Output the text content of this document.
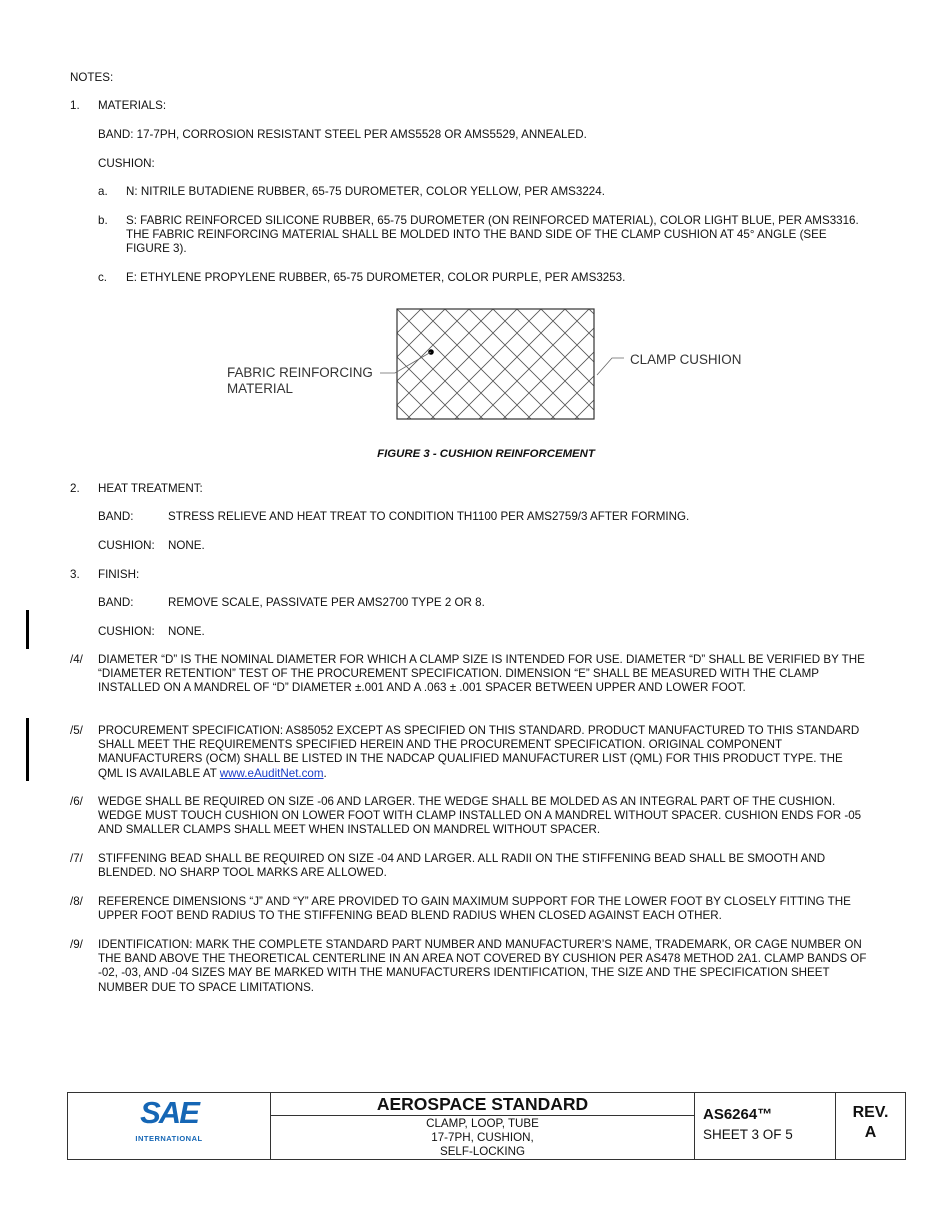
NOTES:
1. MATERIALS:
BAND: 17-7PH, CORROSION RESISTANT STEEL PER AMS5528 OR AMS5529, ANNEALED.
CUSHION:
a. N: NITRILE BUTADIENE RUBBER, 65-75 DUROMETER, COLOR YELLOW, PER AMS3224.
b. S: FABRIC REINFORCED SILICONE RUBBER, 65-75 DUROMETER (ON REINFORCED MATERIAL), COLOR LIGHT BLUE, PER AMS3316. THE FABRIC REINFORCING MATERIAL SHALL BE MOLDED INTO THE BAND SIDE OF THE CLAMP CUSHION AT 45° ANGLE (SEE FIGURE 3).
c. E: ETHYLENE PROPYLENE RUBBER, 65-75 DUROMETER, COLOR PURPLE, PER AMS3253.
FABRIC REINFORCING
MATERIAL
CLAMP CUSHION
FIGURE 3 - CUSHION REINFORCEMENT
2. HEAT TREATMENT:
BAND:	STRESS RELIEVE AND HEAT TREAT TO CONDITION TH1100 PER AMS2759/3 AFTER FORMING.
CUSHION: NONE.
3. FINISH:
BAND:	REMOVE SCALE, PASSIVATE PER AMS2700 TYPE 2 OR 8.
CUSHION: NONE.
/4/ DIAMETER “D” IS THE NOMINAL DIAMETER FOR WHICH A CLAMP SIZE IS INTENDED FOR USE. DIAMETER “D” SHALL BE VERIFIED BY THE “DIAMETER RETENTION” TEST OF THE PROCUREMENT SPECIFICATION. DIMENSION “E” SHALL BE MEASURED WITH THE CLAMP INSTALLED ON A MANDREL OF “D” DIAMETER ±.001 AND A .063 ± .001 SPACER BETWEEN UPPER AND LOWER FOOT.
/5/ PROCUREMENT SPECIFICATION: AS85052 EXCEPT AS SPECIFIED ON THIS STANDARD. PRODUCT MANUFACTURED TO THIS STANDARD SHALL MEET THE REQUIREMENTS SPECIFIED HEREIN AND THE PROCUREMENT SPECIFICATION. ORIGINAL COMPONENT MANUFACTURERS (OCM) SHALL BE LISTED IN THE NADCAP QUALIFIED MANUFACTURER LIST (QML) FOR THIS PRODUCT TYPE. THE QML IS AVAILABLE AT www.eAuditNet.com.
/6/ WEDGE SHALL BE REQUIRED ON SIZE -06 AND LARGER. THE WEDGE SHALL BE MOLDED AS AN INTEGRAL PART OF THE CUSHION. WEDGE MUST TOUCH CUSHION ON LOWER FOOT WITH CLAMP INSTALLED ON A MANDREL WITHOUT SPACER. CUSHION ENDS FOR -05 AND SMALLER CLAMPS SHALL MEET WHEN INSTALLED ON MANDREL WITHOUT SPACER.
/7/ STIFFENING BEAD SHALL BE REQUIRED ON SIZE -04 AND LARGER. ALL RADII ON THE STIFFENING BEAD SHALL BE SMOOTH AND BLENDED. NO SHARP TOOL MARKS ARE ALLOWED.
/8/ REFERENCE DIMENSIONS “J” AND “Y” ARE PROVIDED TO GAIN MAXIMUM SUPPORT FOR THE LOWER FOOT BY CLOSELY FITTING THE UPPER FOOT BEND RADIUS TO THE STIFFENING BEAD BLEND RADIUS WHEN CLOSED AGAINST EACH OTHER.
/9/ IDENTIFICATION: MARK THE COMPLETE STANDARD PART NUMBER AND MANUFACTURER’S NAME, TRADEMARK, OR CAGE NUMBER ON THE BAND ABOVE THE THEORETICAL CENTERLINE IN AN AREA NOT COVERED BY CUSHION PER AS478 METHOD 2A1. CLAMP BANDS OF -02, -03, AND -04 SIZES MAY BE MARKED WITH THE MANUFACTURERS IDENTIFICATION, THE SIZE AND THE SPECIFICATION SHEET NUMBER DUE TO SPACE LIMITATIONS.
SAE
INTERNATIONAL
AEROSPACE STANDARD
CLAMP, LOOP, TUBE
17-7PH, CUSHION,
SELF-LOCKING
AS6264™
SHEET 3 OF 5
REV.
A
